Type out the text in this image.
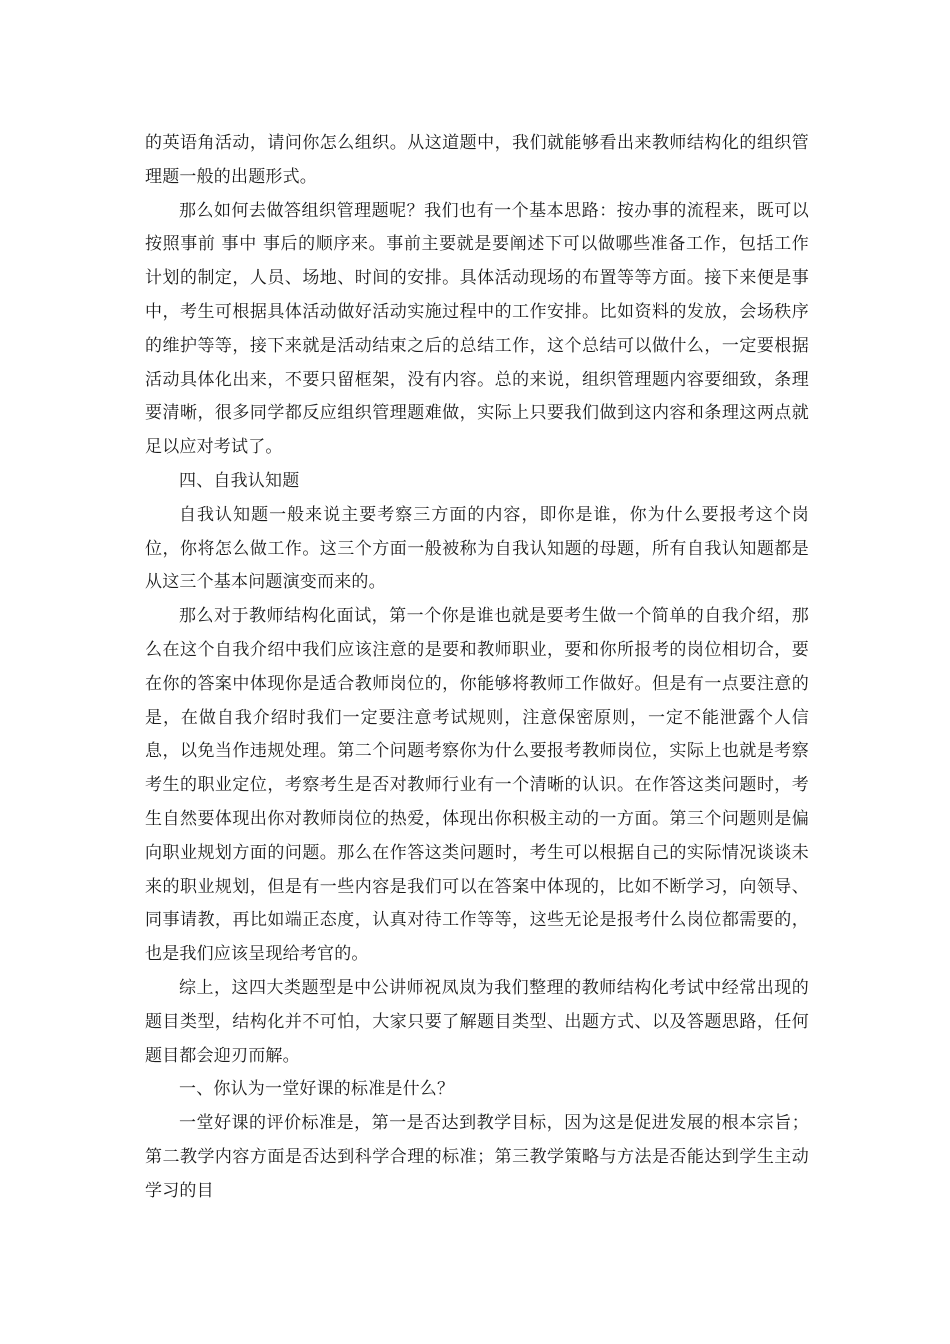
的英语角活动，请问你怎么组织。从这道题中，我们就能够看出来教师结构化的组织管理题一般的出题形式。

那么如何去做答组织管理题呢？我们也有一个基本思路：按办事的流程来，既可以按照事前 事中 事后的顺序来。事前主要就是要阐述下可以做哪些准备工作，包括工作计划的制定，人员、场地、时间的安排。具体活动现场的布置等等方面。接下来便是事中，考生可根据具体活动做好活动实施过程中的工作安排。比如资料的发放，会场秩序的维护等等，接下来就是活动结束之后的总结工作，这个总结可以做什么，一定要根据活动具体化出来，不要只留框架，没有内容。总的来说，组织管理题内容要细致，条理要清晰，很多同学都反应组织管理题难做，实际上只要我们做到这内容和条理这两点就足以应对考试了。

四、自我认知题

自我认知题一般来说主要考察三方面的内容，即你是谁，你为什么要报考这个岗位，你将怎么做工作。这三个方面一般被称为自我认知题的母题，所有自我认知题都是从这三个基本问题演变而来的。

那么对于教师结构化面试，第一个你是谁也就是要考生做一个简单的自我介绍，那么在这个自我介绍中我们应该注意的是要和教师职业，要和你所报考的岗位相切合，要在你的答案中体现你是适合教师岗位的，你能够将教师工作做好。但是有一点要注意的是，在做自我介绍时我们一定要注意考试规则，注意保密原则，一定不能泄露个人信息，以免当作违规处理。第二个问题考察你为什么要报考教师岗位，实际上也就是考察考生的职业定位，考察考生是否对教师行业有一个清晰的认识。在作答这类问题时，考生自然要体现出你对教师岗位的热爱，体现出你积极主动的一方面。第三个问题则是偏向职业规划方面的问题。那么在作答这类问题时，考生可以根据自己的实际情况谈谈未来的职业规划，但是有一些内容是我们可以在答案中体现的，比如不断学习，向领导、同事请教，再比如端正态度，认真对待工作等等，这些无论是报考什么岗位都需要的，也是我们应该呈现给考官的。

综上，这四大类题型是中公讲师祝凤岚为我们整理的教师结构化考试中经常出现的题目类型，结构化并不可怕，大家只要了解题目类型、出题方式、以及答题思路，任何题目都会迎刃而解。

一、你认为一堂好课的标准是什么？

一堂好课的评价标准是，第一是否达到教学目标，因为这是促进发展的根本宗旨；第二教学内容方面是否达到科学合理的标准；第三教学策略与方法是否能达到学生主动学习的目
